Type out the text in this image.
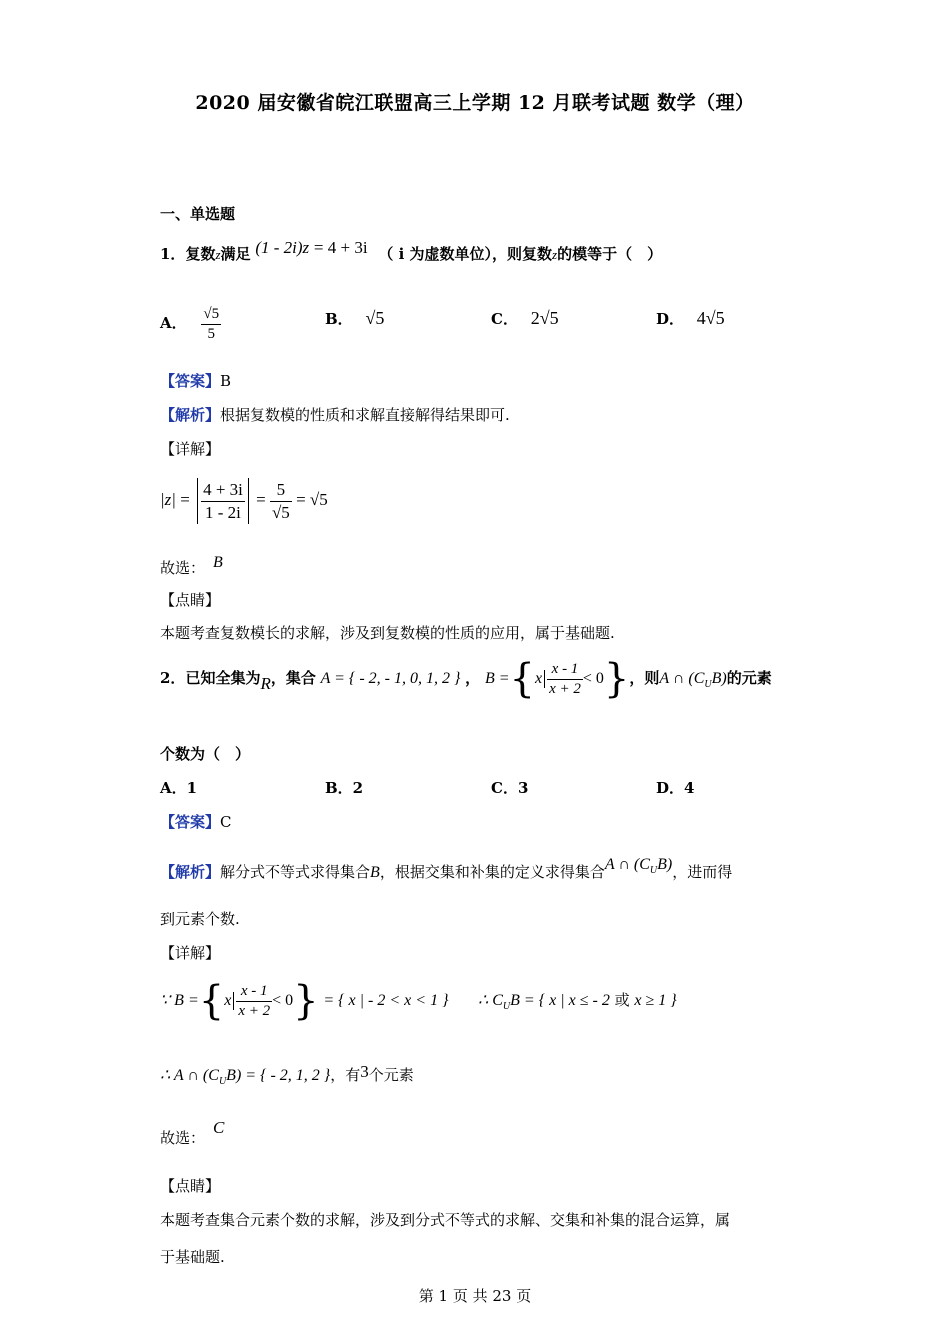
2020 届安徽省皖江联盟高三上学期 12 月联考试题 数学（理）
一、单选题
1．复数z满足 (1 - 2i)z = 4 + 3i （ i 为虚数单位），则复数z的模等于（　）
A． $\frac{√5}{5}$	B． √5	C． 2√5	D． 4√5
【答案】B
【解析】根据复数模的性质和求解直接解得结果即可.
【详解】
$|z| = \frac{4 + 3i}{1 - 2i} = \frac{5}{√5} = √5$
故选： B
【点睛】
本题考查复数模长的求解，涉及到复数模的性质的应用，属于基础题.
2．已知全集为R，集合 A = { - 2, - 1, 0, 1, 2 } ， $B =\{x \frac{x - 1}{x + 2} < 0\}$，则A ∩ $(C_UB)$的元素
个数为（　）
A．1	B．2	C．3	D．4
【答案】C
【解析】解分式不等式求得集合B，根据交集和补集的定义求得集合A ∩ $(C^UB)$，进而得
到元素个数.
【详解】
∵ $B =\{x \frac{x - 1}{x + 2} < 0\}$ = { x | - 2 < x < 1 } ∴ $C_UB$ = { x | x ≤ - 2 或 x ≥ 1 }
∴ A ∩ $(C_UB)$ = { - 2, 1, 2 }，有3个元素
故选：C
【点睛】
本题考查集合元素个数的求解，涉及到分式不等式的求解、交集和补集的混合运算，属
于基础题.
第 1 页 共 23 页
